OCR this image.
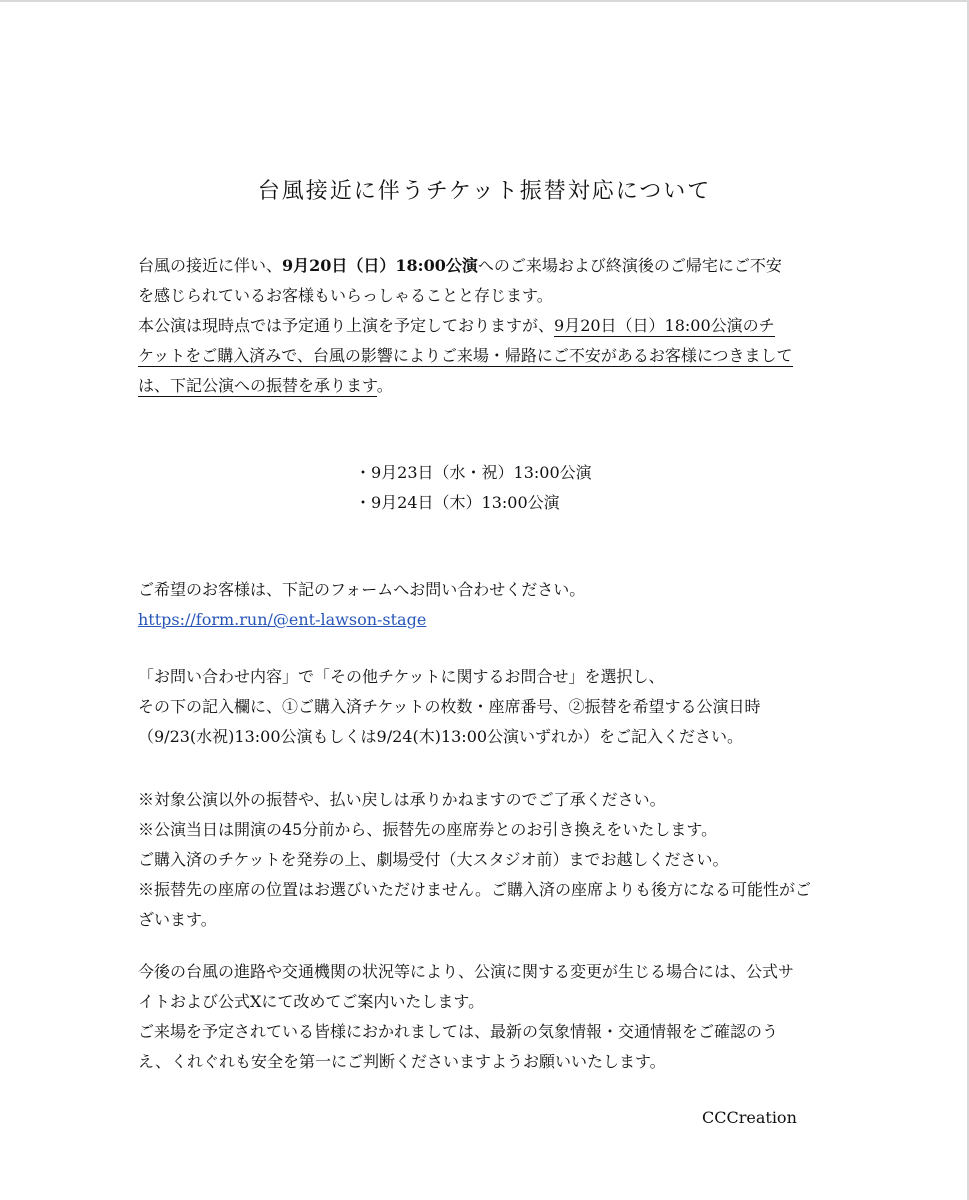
台風接近に伴うチケット振替対応について
台風の接近に伴い、9月20日（日）18:00公演へのご来場および終演後のご帰宅にご不安
を感じられているお客様もいらっしゃることと存じます。
本公演は現時点では予定通り上演を予定しておりますが、9月20日（日）18:00公演のチ
ケットをご購入済みで、台風の影響によりご来場・帰路にご不安があるお客様につきまして
は、下記公演への振替を承ります。
・9月23日（水・祝）13:00公演
・9月24日（木）13:00公演
ご希望のお客様は、下記のフォームへお問い合わせください。
https://form.run/@ent-lawson-stage
「お問い合わせ内容」で「その他チケットに関するお問合せ」を選択し、
その下の記入欄に、①ご購入済チケットの枚数・座席番号、②振替を希望する公演日時
（9/23(水祝)13:00公演もしくは9/24(木)13:00公演いずれか）をご記入ください。
※対象公演以外の振替や、払い戻しは承りかねますのでご了承ください。
※公演当日は開演の45分前から、振替先の座席券とのお引き換えをいたします。
ご購入済のチケットを発券の上、劇場受付（大スタジオ前）までお越しください。
※振替先の座席の位置はお選びいただけません。ご購入済の座席よりも後方になる可能性がご
ざいます。
今後の台風の進路や交通機関の状況等により、公演に関する変更が生じる場合には、公式サ
イトおよび公式Xにて改めてご案内いたします。
ご来場を予定されている皆様におかれましては、最新の気象情報・交通情報をご確認のう
え、くれぐれも安全を第一にご判断くださいますようお願いいたします。
CCCreation
